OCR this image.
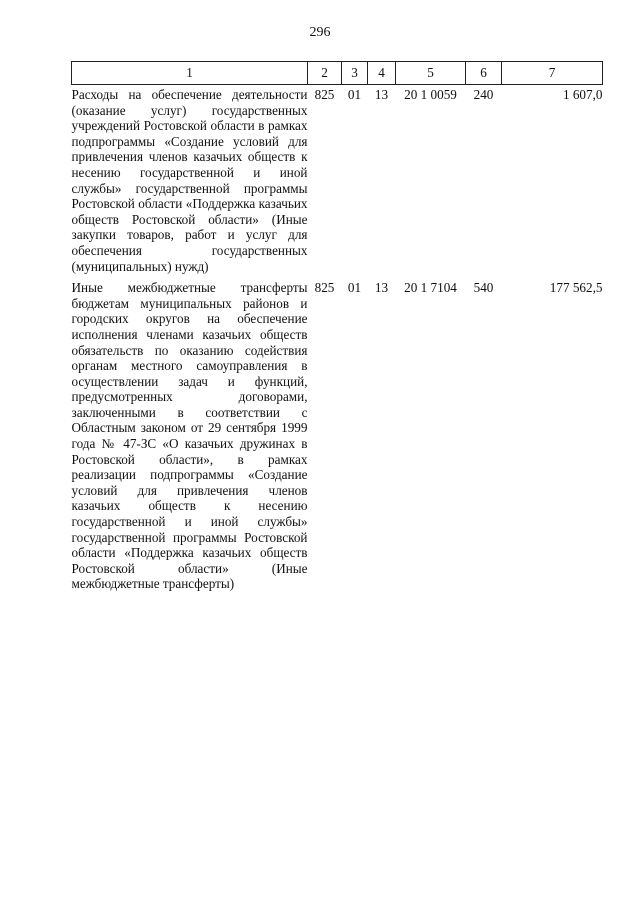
296
1	2	3	4	5	6	7
Расходы на обеспечение деятельности (оказание услуг) государственных учреждений Ростовской области в рамках подпрограммы «Создание условий для привлечения членов казачьих обществ к несению государственной и иной службы» государственной программы Ростовской области «Поддержка казачьих обществ Ростовской области» (Иные закупки товаров, работ и услуг для обеспечения государственных (муниципальных) нужд)	825	01	13	20 1 0059	240	1 607,0
Иные межбюджетные трансферты бюджетам муниципальных районов и городских округов на обеспечение исполнения членами казачьих обществ обязательств по оказанию содействия органам местного самоуправления в осуществлении задач и функций, предусмотренных договорами, заключенными в соответствии с Областным законом от 29 сентября 1999 года № 47-ЗС «О казачьих дружинах в Ростовской области», в рамках реализации подпрограммы «Создание условий для привлечения членов казачьих обществ к несению государственной и иной службы» государственной программы Ростовской области «Поддержка казачьих обществ Ростовской области» (Иные межбюджетные трансферты)	825	01	13	20 1 7104	540	177 562,5
